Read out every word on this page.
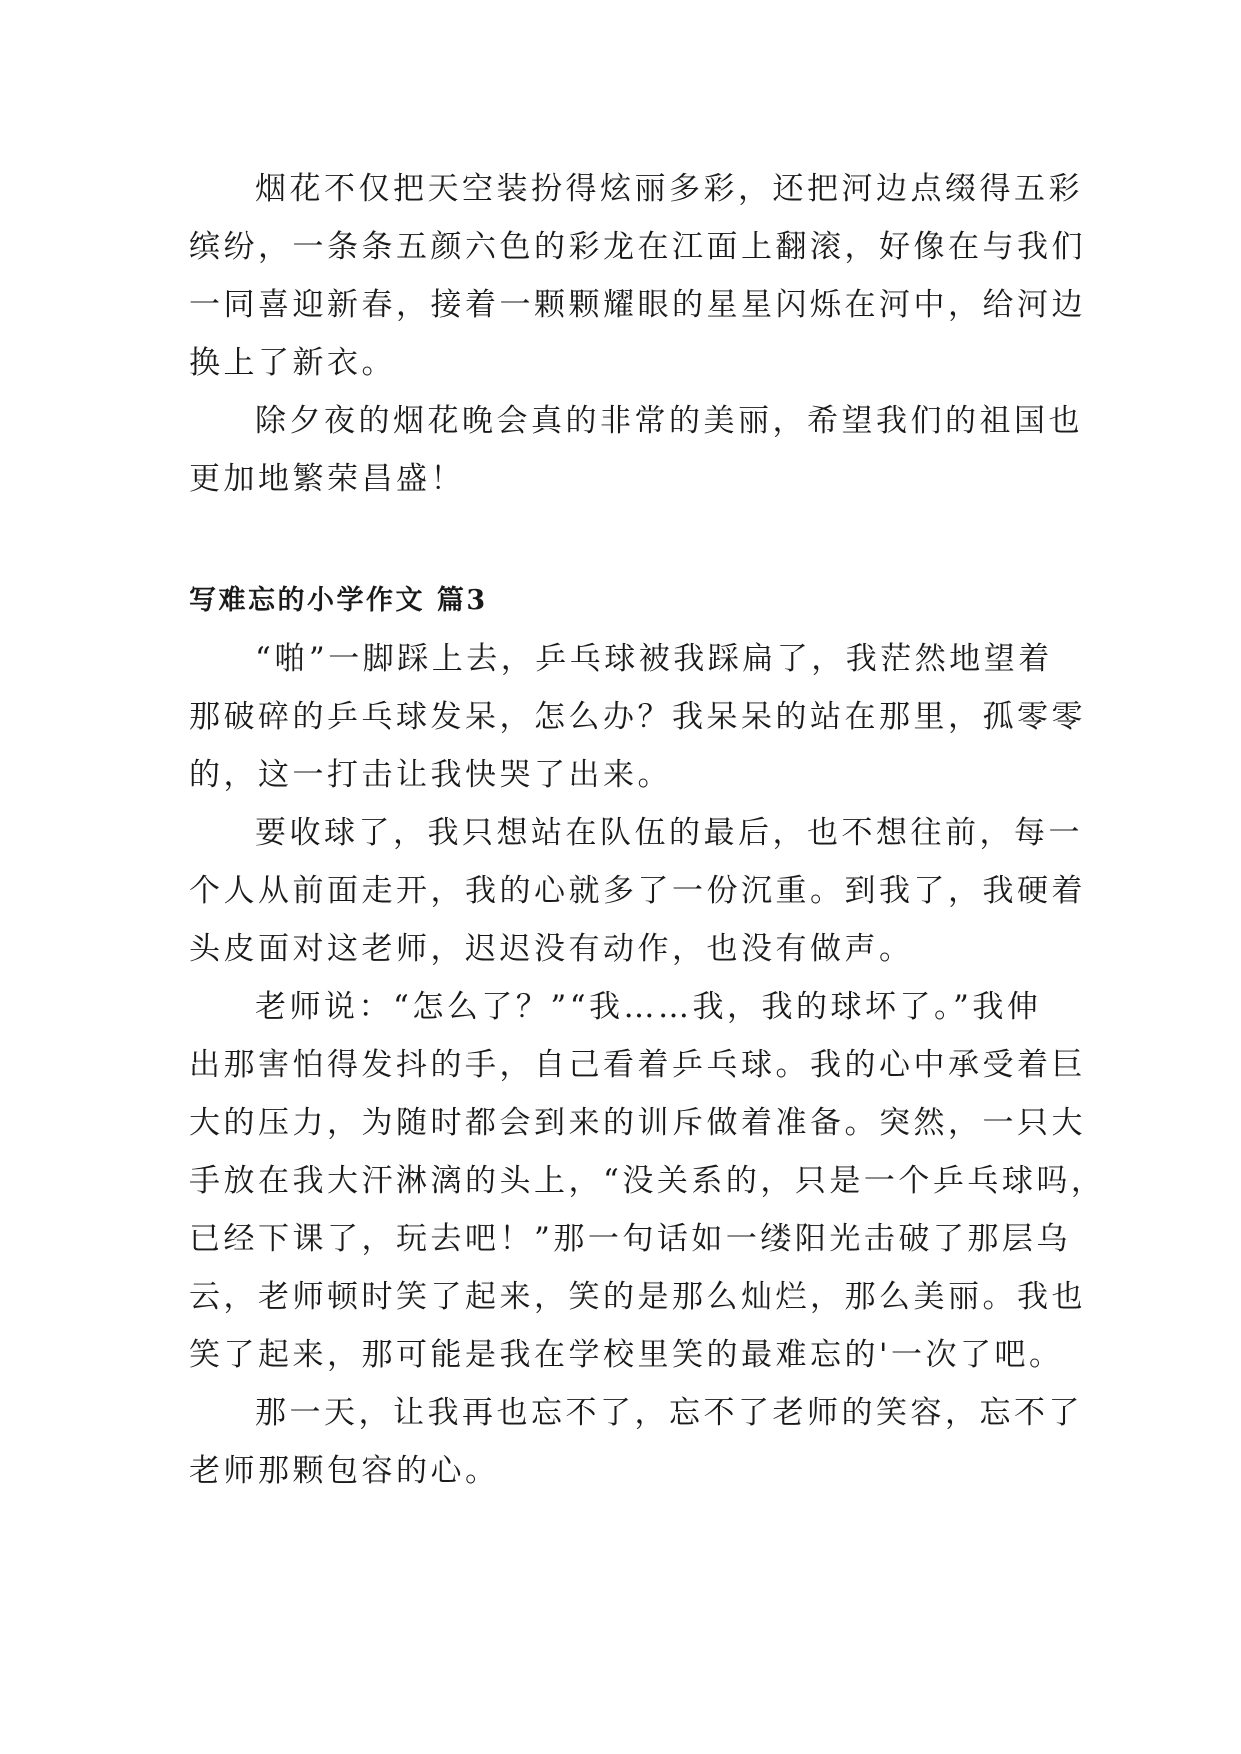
烟花不仅把天空装扮得炫丽多彩，还把河边点缀得五彩
缤纷，一条条五颜六色的彩龙在江面上翻滚，好像在与我们
一同喜迎新春，接着一颗颗耀眼的星星闪烁在河中，给河边
换上了新衣。

除夕夜的烟花晚会真的非常的美丽，希望我们的祖国也
更加地繁荣昌盛！

写难忘的小学作文 篇3

“啪”一脚踩上去，乒乓球被我踩扁了，我茫然地望着
那破碎的乒乓球发呆，怎么办？我呆呆的站在那里，孤零零
的，这一打击让我快哭了出来。

要收球了，我只想站在队伍的最后，也不想往前，每一
个人从前面走开，我的心就多了一份沉重。到我了，我硬着
头皮面对这老师，迟迟没有动作，也没有做声。

老师说：“怎么了？”“我……我，我的球坏了。”我伸
出那害怕得发抖的手，自己看着乒乓球。我的心中承受着巨
大的压力，为随时都会到来的训斥做着准备。突然，一只大
手放在我大汗淋漓的头上，“没关系的，只是一个乒乓球吗，
已经下课了，玩去吧！”那一句话如一缕阳光击破了那层乌
云，老师顿时笑了起来，笑的是那么灿烂，那么美丽。我也
笑了起来，那可能是我在学校里笑的最难忘的'一次了吧。

那一天，让我再也忘不了，忘不了老师的笑容，忘不了
老师那颗包容的心。
